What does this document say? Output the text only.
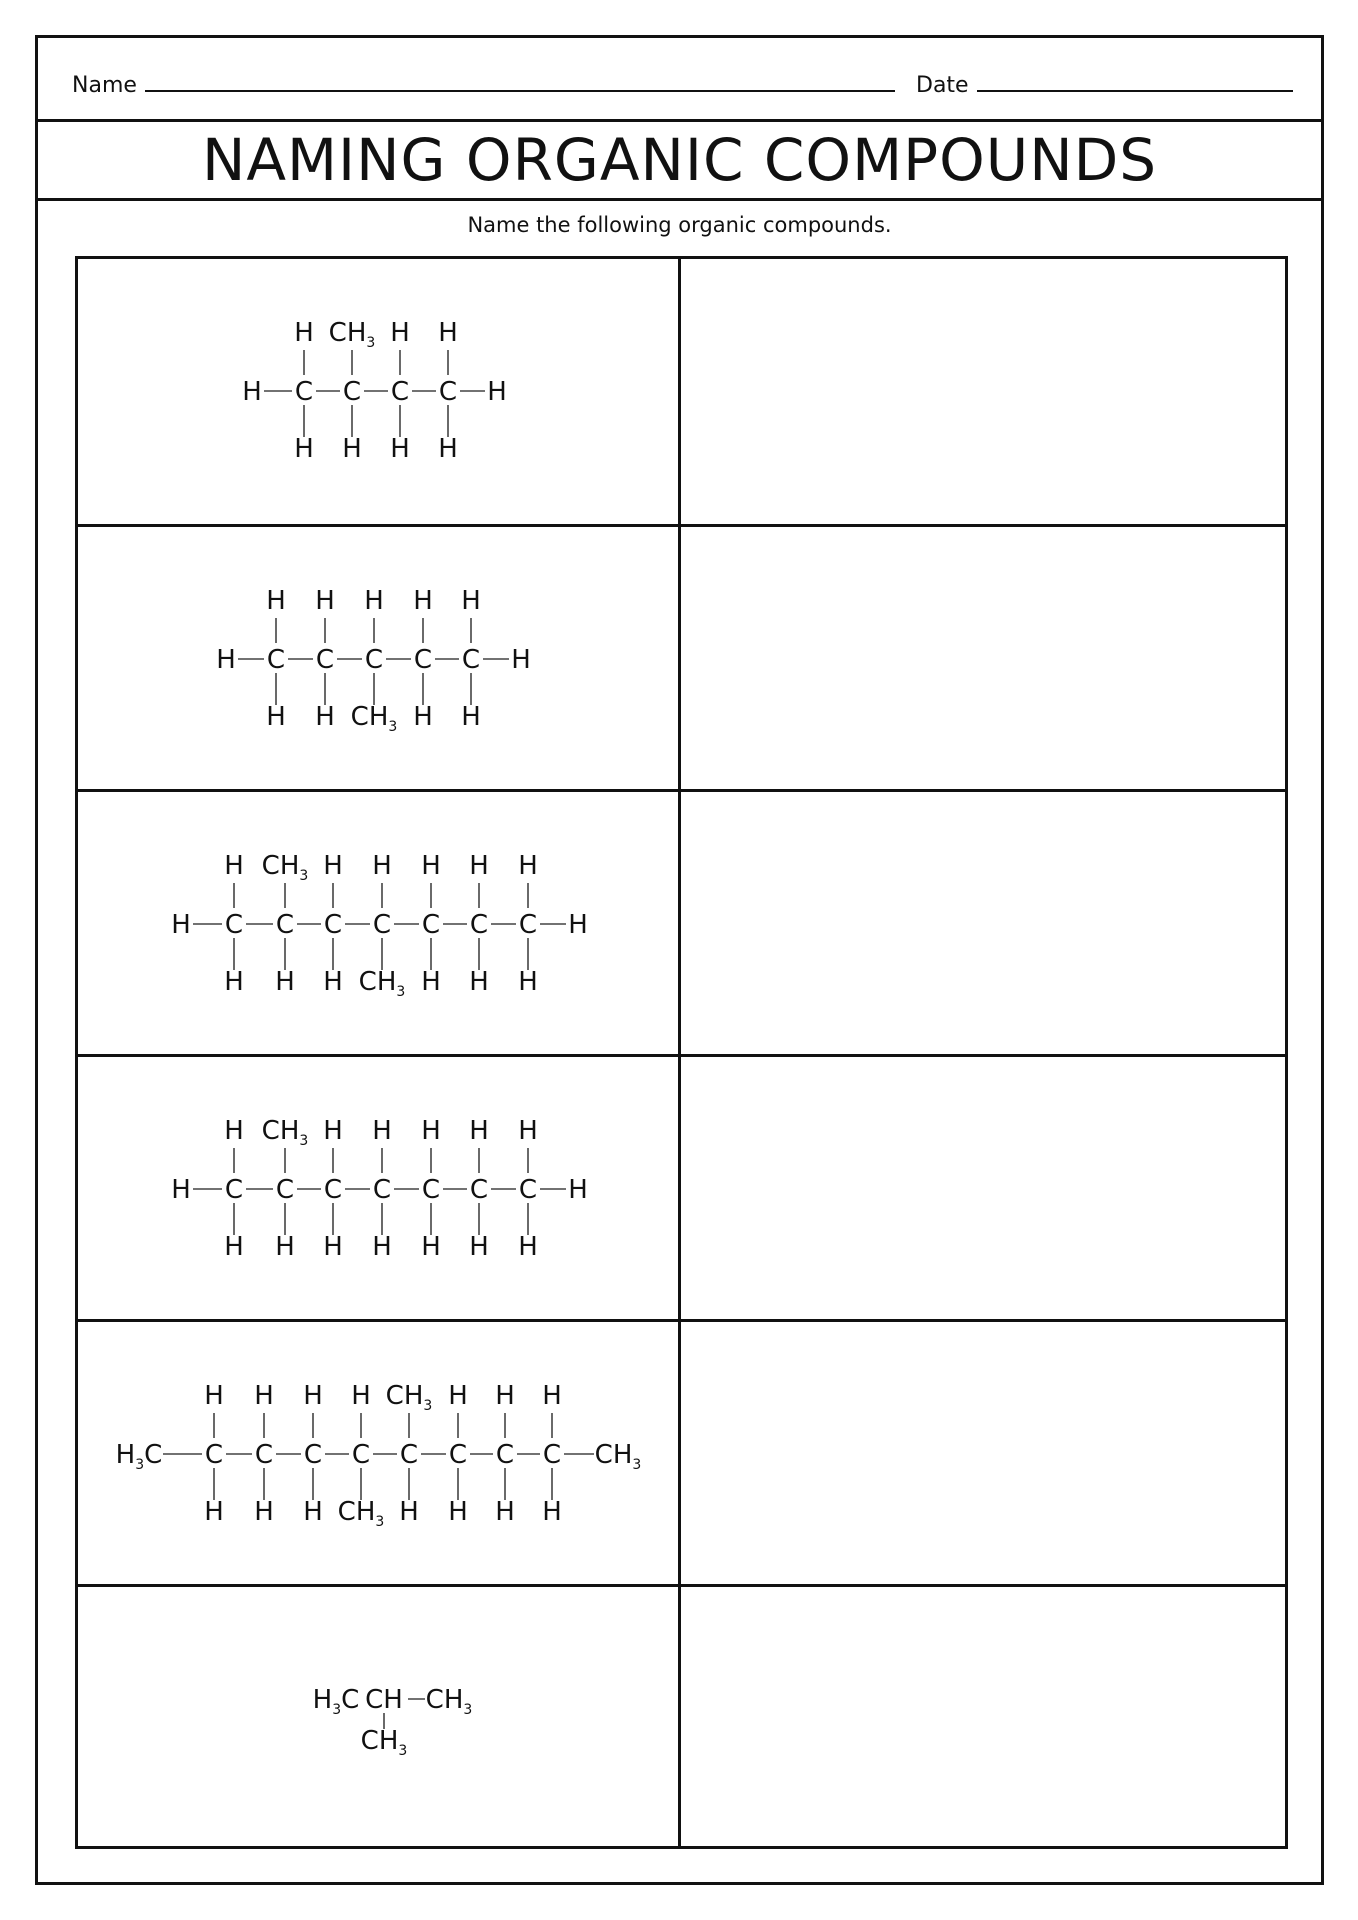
Name	Date
NAMING ORGANIC COMPOUNDS
Name the following organic compounds.
H C C C C H
H
H
$CH_3$
H
H
H
H
H
H C C C C C H
H
H
H
H
H
$CH_3$
H
H
H
H
H C C C C C C C H
H
H
$CH_3$
H
H
H
H
$CH_3$
H
H
H
H
H
H
H C C C C C C C H
H
H
$CH_3$
H
H
H
H
H
H
H
H
H
H
H
$H_3C$ C C C C C C C C $CH_3$
H
H
H
H
H
H
H
$CH_3$
$CH_3$
H
H
H
H
H
H
H
$H_3C$ CH $CH_3$
$CH_3$
